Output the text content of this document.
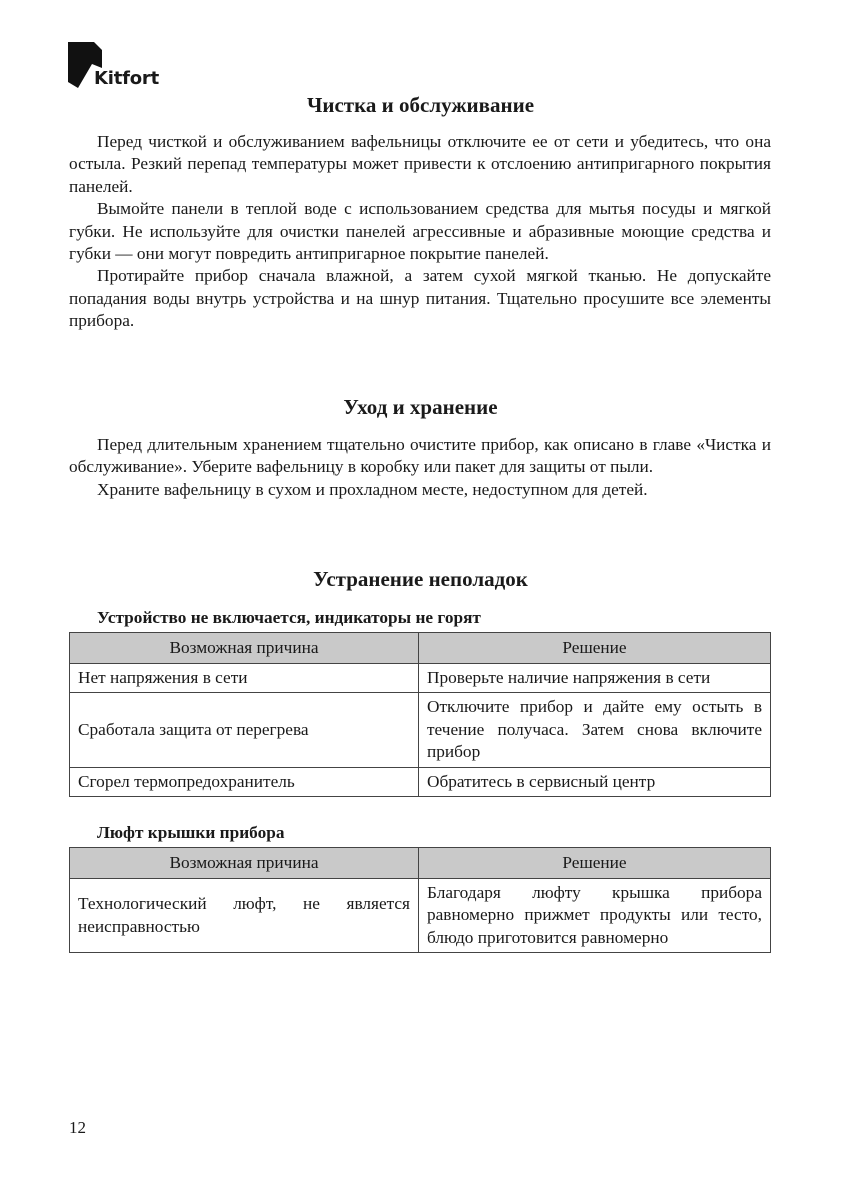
Kitfort
Чистка и обслуживание

Перед чисткой и обслуживанием вафельницы отключите ее от сети и убедитесь, что она остыла. Резкий перепад температуры может привести к отслоению антипригарного покрытия панелей.

Вымойте панели в теплой воде с использованием средства для мытья посуды и мягкой губки. Не используйте для очистки панелей агрессивные и абразивные моющие средства и губки — они могут повредить антипригарное покрытие панелей.

Протирайте прибор сначала влажной, а затем сухой мягкой тканью. Не допускайте попадания воды внутрь устройства и на шнур питания. Тщательно просушите все элементы прибора.

Уход и хранение

Перед длительным хранением тщательно очистите прибор, как описано в главе «Чистка и обслуживание». Уберите вафельницу в коробку или пакет для защиты от пыли.

Храните вафельницу в сухом и прохладном месте, недоступном для детей.

Устранение неполадок
Устройство не включается, индикаторы не горят
Возможная причина	Решение
Нет напряжения в сети	Проверьте наличие напряжения в сети
Сработала защита от перегрева	Отключите прибор и дайте ему остыть в течение получаса. Затем снова включите прибор
Сгорел термопредохранитель	Обратитесь в сервисный центр
Люфт крышки прибора
Возможная причина	Решение
Технологический люфт, не является неисправностью	Благодаря люфту крышка прибора равномерно прижмет продукты или тесто, блюдо приготовится равномерно
12
